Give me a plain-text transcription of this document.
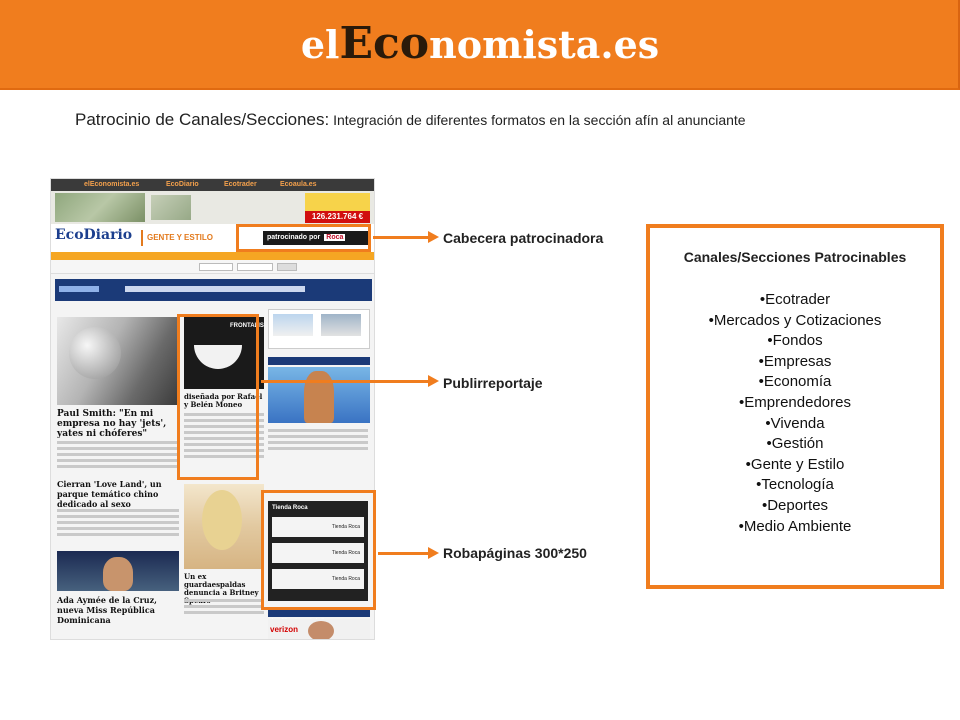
elEconomista.es
Patrocinio de Canales/Secciones: Integración de diferentes formatos en la sección afín al anunciante
elEconomista.es	EcoDiario	Ecotrader	Ecoaula.es
126.231.764 €
EcoDiario	GENTE Y ESTILO	patrocinado por Roca
Paul Smith: "En mi empresa no hay 'jets', yates ni chóferes"
Cierran 'Love Land', un parque temático chino dedicado al sexo
Ada Aymée de la Cruz, nueva Miss República Dominicana
FRONTALIS
diseñada por Rafael y Belén Moneo
Un ex guardaespaldas denuncia a Britney
Tienda Roca
Tienda Roca
Tienda Roca
Tienda Roca
verizon
Cabecera patrocinadora
Publirreportaje
Robapáginas 300*250
Canales/Secciones Patrocinables
•Ecotrader
•Mercados y Cotizaciones
•Fondos
•Empresas
•Economía
•Emprendedores
•Vivenda
•Gestión
•Gente y Estilo
•Tecnología
•Deportes
•Medio Ambiente
